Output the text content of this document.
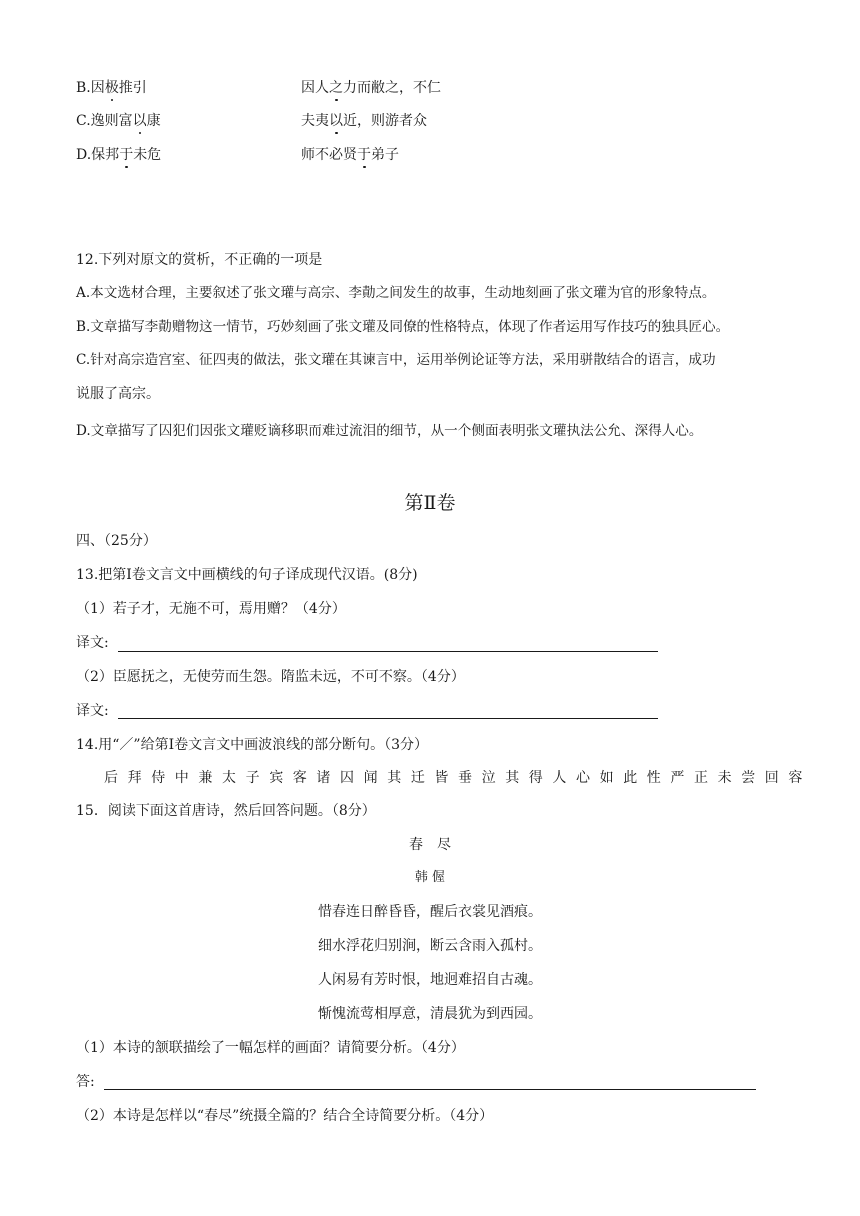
B.因极推引	因人之力而敝之，不仁
C.逸则富以康	夫夷以近，则游者众
D.保邦于未危	师不必贤于弟子
12.下列对原文的赏析，不正确的一项是
A.本文选材合理，主要叙述了张文瓘与高宗、李勣之间发生的故事，生动地刻画了张文瓘为官的形象特点。
B.文章描写李勣赠物这一情节，巧妙刻画了张文瓘及同僚的性格特点，体现了作者运用写作技巧的独具匠心。
C.针对高宗造宫室、征四夷的做法，张文瓘在其谏言中，运用举例论证等方法，采用骈散结合的语言，成功
说服了高宗。
D.文章描写了囚犯们因张文瓘贬谪移职而难过流泪的细节，从一个侧面表明张文瓘执法公允、深得人心。
第Ⅱ卷
四、（25分）
13.把第Ⅰ卷文言文中画横线的句子译成现代汉语。(8分)
（1）若子才，无施不可，焉用赠？（4分）
译文:
（2）臣愿抚之，无使劳而生怨。隋监未远，不可不察。（4分）
译文:
14.用“／”给第Ⅰ卷文言文中画波浪线的部分断句。（3分）
后拜侍中兼太子宾客诸囚闻其迁皆垂泣其得人心如此性严正未尝回容
15．阅读下面这首唐诗，然后回答问题。（8分）
春　尽
韩 偓
惜春连日醉昏昏，醒后衣裳见酒痕。
细水浮花归别涧，断云含雨入孤村。
人闲易有芳时恨，地迥难招自古魂。
惭愧流莺相厚意，清晨犹为到西园。
（1）本诗的颔联描绘了一幅怎样的画面？请简要分析。（4分）
答:
（2）本诗是怎样以“春尽”统摄全篇的？结合全诗简要分析。（4分）
